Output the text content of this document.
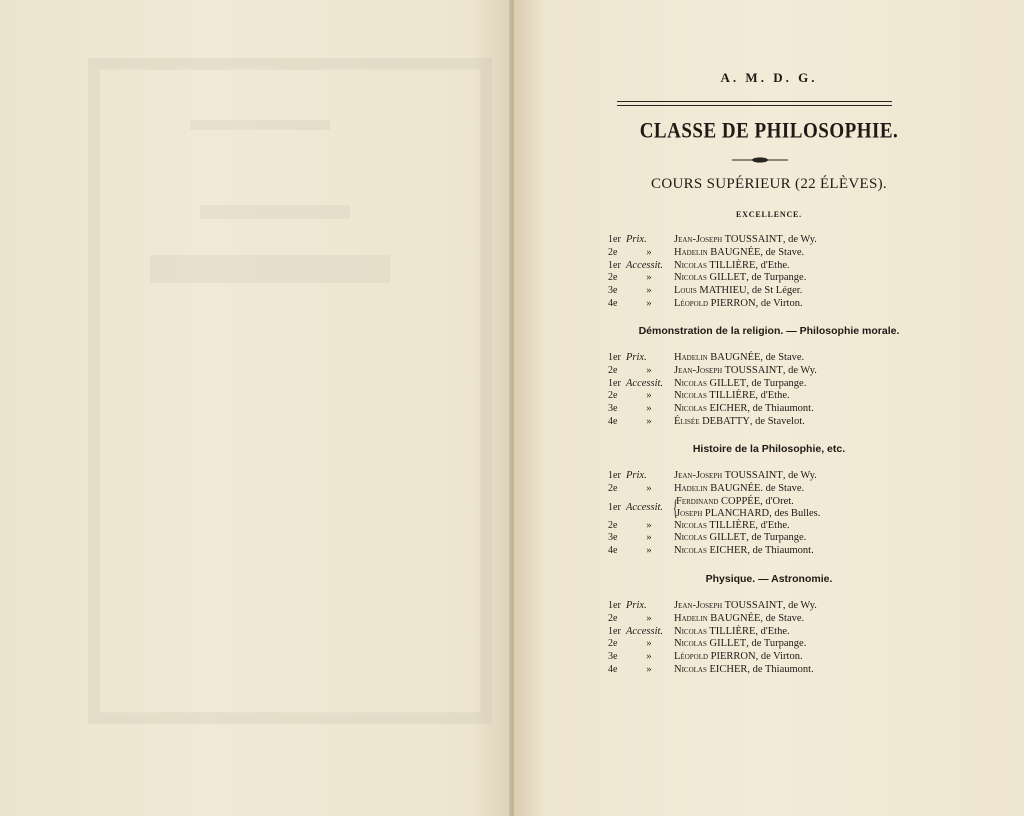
A. M. D. G.
CLASSE DE PHILOSOPHIE.
COURS SUPÉRIEUR (22 ÉLÈVES).
EXCELLENCE.
1er Prix.	Jean-Joseph TOUSSAINT, de Wy.
2e	»	Hadelin BAUGNÉE, de Stave.
1er Accessit.	Nicolas TILLIÈRE, d'Ethe.
2e	»	Nicolas GILLET, de Turpange.
3e	»	Louis MATHIEU, de St Léger.
4e	»	Léopold PIERRON, de Virton.
Démonstration de la religion. — Philosophie morale.
1er Prix.	Hadelin BAUGNÉE, de Stave.
2e	»	Jean-Joseph TOUSSAINT, de Wy.
1er Accessit.	Nicolas GILLET, de Turpange.
2e	»	Nicolas TILLIÈRE, d'Ethe.
3e	»	Nicolas EICHER, de Thiaumont.
4e	»	Élisée DEBATTY, de Stavelot.
Histoire de la Philosophie, etc.
1er Prix.	Jean-Joseph TOUSSAINT, de Wy.
2e	»	Hadelin BAUGNÉE. de Stave.
1er Accessit. {
Ferdinand COPPÉE, d'Oret.
Joseph PLANCHARD, des Bulles.
2e	»	Nicolas TILLIÈRE, d'Ethe.
3e	»	Nicolas GILLET, de Turpange.
4e	»	Nicolas EICHER, de Thiaumont.
Physique. — Astronomie.
1er Prix.	Jean-Joseph TOUSSAINT, de Wy.
2e	»	Hadelin BAUGNÉE, de Stave.
1er Accessit.	Nicolas TILLIÈRE, d'Ethe.
2e	»	Nicolas GILLET, de Turpange.
3e	»	Léopold PIERRON, de Virton.
4e	»	Nicolas EICHER, de Thiaumont.
